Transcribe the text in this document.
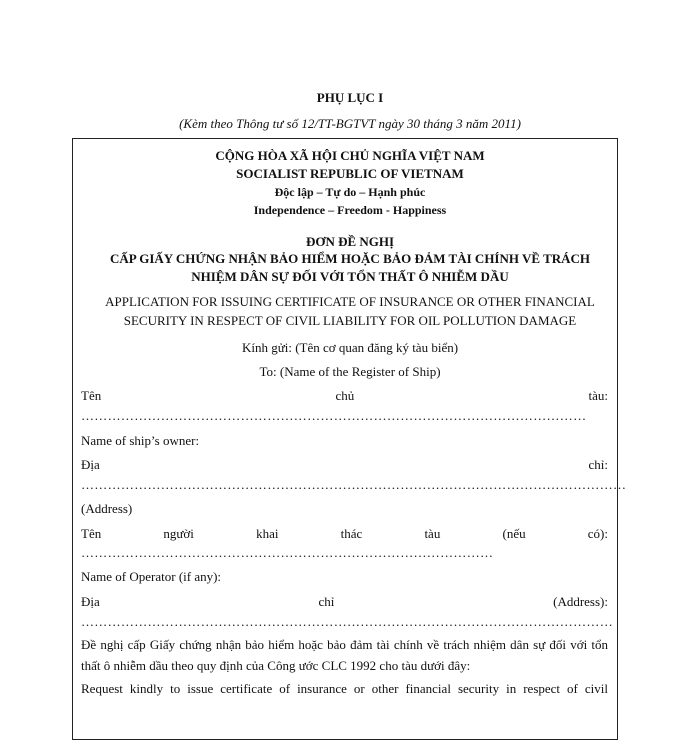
PHỤ LỤC I
(Kèm theo Thông tư số 12/TT-BGTVT ngày 30 tháng 3 năm 2011)
CỘNG HÒA XÃ HỘI CHỦ NGHĨA VIỆT NAM
SOCIALIST REPUBLIC OF VIETNAM
Độc lập – Tự do – Hạnh phúc
Independence – Freedom - Happiness
ĐƠN ĐỀ NGHỊ
CẤP GIẤY CHỨNG NHẬN BẢO HIỂM HOẶC BẢO ĐẢM TÀI CHÍNH VỀ TRÁCH
NHIỆM DÂN SỰ ĐỐI VỚI TỔN THẤT Ô NHIỄM DẦU
APPLICATION FOR ISSUING CERTIFICATE OF INSURANCE OR OTHER FINANCIAL
SECURITY IN RESPECT OF CIVIL LIABILITY FOR OIL POLLUTION DAMAGE
Kính gửi: (Tên cơ quan đăng ký tàu biển)
To: (Name of the Register of Ship)
Tên	chủ	tàu:
……………………………………………………………………………………………………
Name of ship’s owner:
Địa	chỉ:
……………………………………………………………………………………………………………
(Address)
Tên	người	khai	thác	tàu	(nếu	có):
…………………………………………………………………………………
Name of Operator (if any):
Địa	chỉ	(Address):
…………………………………………………………………………………………………………
Đề nghị cấp Giấy chứng nhận bảo hiểm hoặc bảo đảm tài chính về trách nhiệm dân sự đối với tổn thất ô nhiễm dầu theo quy định của Công ước CLC 1992 cho tàu dưới đây:
Request kindly to issue certificate of insurance or other financial security in respect of civil
